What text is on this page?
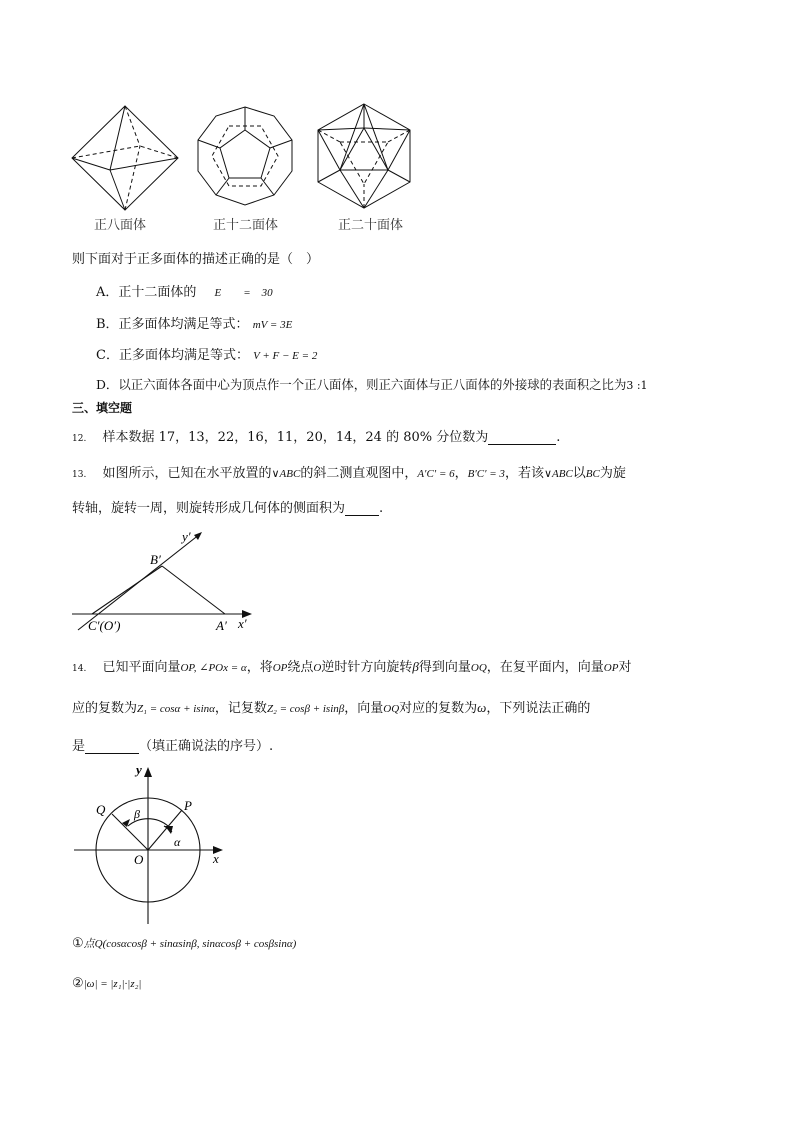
正八面体	正十二面体	正二十面体
则下面对于正多面体的描述正确的是（　）
A．正十二面体的 E　　=　30
B．正多面体均满足等式： mV = 3E
C．正多面体均满足等式： V + F − E = 2
D．以正六面体各面中心为顶点作一个正八面体，则正六面体与正八面体的外接球的表面积之比为3 :1
三、填空题
12. 样本数据 17，13，22，16，11，20，14，24 的 80% 分位数为	.
13. 如图所示，已知在水平放置的∨ABC的斜二测直观图中，A′C′ = 6，B′C′ = 3，若该∨ABC以BC为旋
转轴，旋转一周，则旋转形成几何体的侧面积为	.
y′
x′
B′
C′(O′)	A′
14. 已知平面向量OP, ∠POx = α，将OP绕点O逆时针方向旋转β得到向量OQ，在复平面内，向量OP对
应的复数为Z₁ = cosα + isinα，记复数Z₂ = cosβ + isinβ，向量OQ对应的复数为ω，下列说法正确的
是	（填正确说法的序号）.
y
x
O
P
Q
α
β
①点Q(cosαcosβ + sinαsinβ, sinαcosβ + cosβsinα)
②|ω| = |z₁|·|z₂|
